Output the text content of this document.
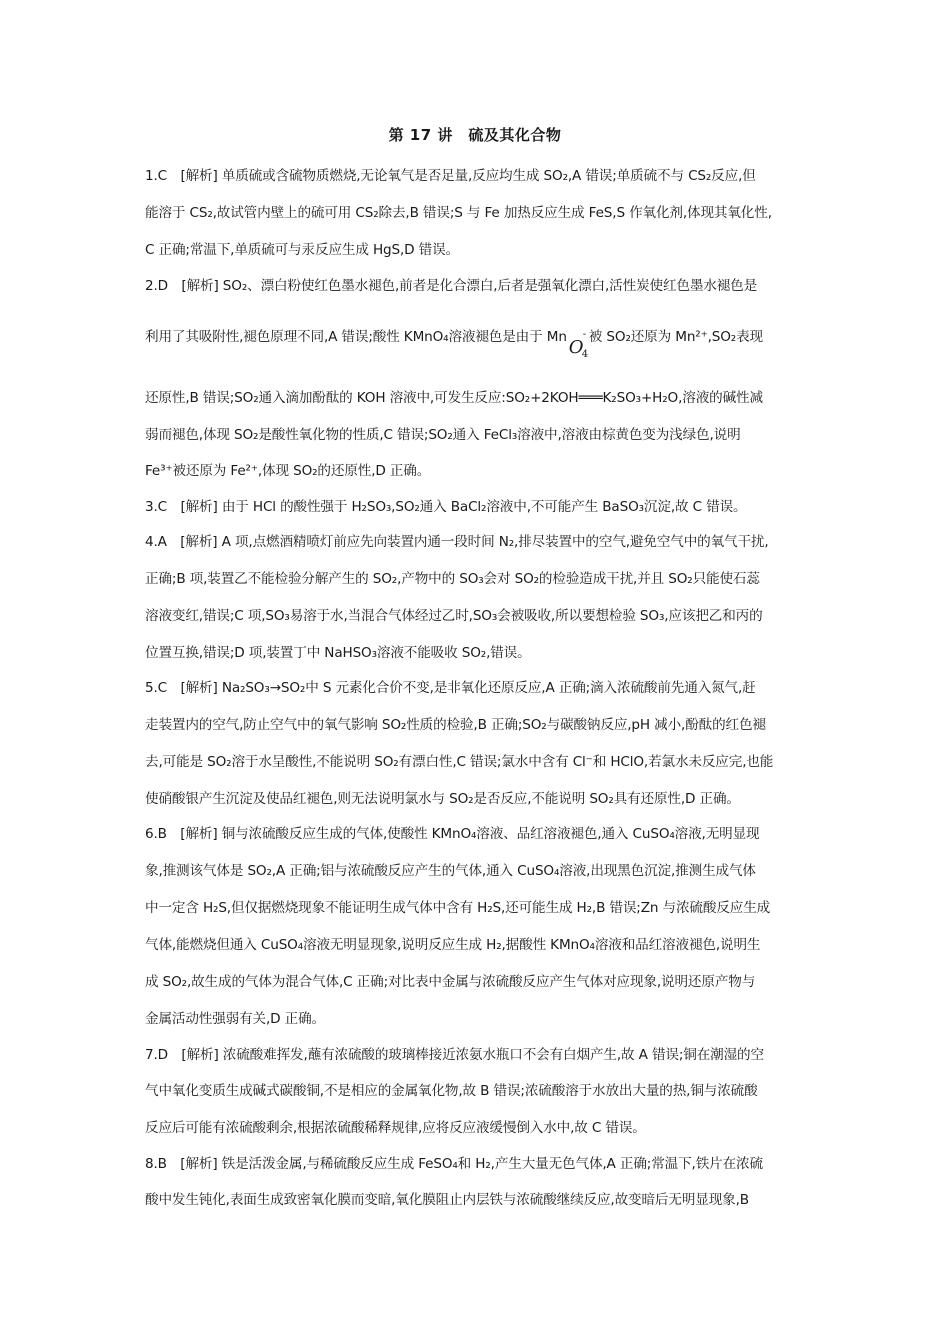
第 17 讲　硫及其化合物
1.C　[解析] 单质硫或含硫物质燃烧,无论氧气是否足量,反应均生成 SO₂,A 错误;单质硫不与 CS₂反应,但
能溶于 CS₂,故试管内壁上的硫可用 CS₂除去,B 错误;S 与 Fe 加热反应生成 FeS,S 作氧化剂,体现其氧化性,
C 正确;常温下,单质硫可与汞反应生成 HgS,D 错误。
2.D　[解析] SO₂、漂白粉使红色墨水褪色,前者是化合漂白,后者是强氧化漂白,活性炭使红色墨水褪色是
利用了其吸附性,褪色原理不同,A 错误;酸性 KMnO₄溶液褪色是由于 Mn O
-
4
被 SO₂还原为 Mn²⁺,SO₂表现
还原性,B 错误;SO₂通入滴加酚酞的 KOH 溶液中,可发生反应:SO₂+2KOH═══K₂SO₃+H₂O,溶液的碱性减
弱而褪色,体现 SO₂是酸性氧化物的性质,C 错误;SO₂通入 FeCl₃溶液中,溶液由棕黄色变为浅绿色,说明
Fe³⁺被还原为 Fe²⁺,体现 SO₂的还原性,D 正确。
3.C　[解析] 由于 HCl 的酸性强于 H₂SO₃,SO₂通入 BaCl₂溶液中,不可能产生 BaSO₃沉淀,故 C 错误。
4.A　[解析] A 项,点燃酒精喷灯前应先向装置内通一段时间 N₂,排尽装置中的空气,避免空气中的氧气干扰,
正确;B 项,装置乙不能检验分解产生的 SO₂,产物中的 SO₃会对 SO₂的检验造成干扰,并且 SO₂只能使石蕊
溶液变红,错误;C 项,SO₃易溶于水,当混合气体经过乙时,SO₃会被吸收,所以要想检验 SO₃,应该把乙和丙的
位置互换,错误;D 项,装置丁中 NaHSO₃溶液不能吸收 SO₂,错误。
5.C　[解析] Na₂SO₃→SO₂中 S 元素化合价不变,是非氧化还原反应,A 正确;滴入浓硫酸前先通入氮气,赶
走装置内的空气,防止空气中的氧气影响 SO₂性质的检验,B 正确;SO₂与碳酸钠反应,pH 减小,酚酞的红色褪
去,可能是 SO₂溶于水呈酸性,不能说明 SO₂有漂白性,C 错误;氯水中含有 Cl⁻和 HClO,若氯水未反应完,也能
使硝酸银产生沉淀及使品红褪色,则无法说明氯水与 SO₂是否反应,不能说明 SO₂具有还原性,D 正确。
6.B　[解析] 铜与浓硫酸反应生成的气体,使酸性 KMnO₄溶液、品红溶液褪色,通入 CuSO₄溶液,无明显现
象,推测该气体是 SO₂,A 正确;铝与浓硫酸反应产生的气体,通入 CuSO₄溶液,出现黑色沉淀,推测生成气体
中一定含 H₂S,但仅据燃烧现象不能证明生成气体中含有 H₂S,还可能生成 H₂,B 错误;Zn 与浓硫酸反应生成
气体,能燃烧但通入 CuSO₄溶液无明显现象,说明反应生成 H₂,据酸性 KMnO₄溶液和品红溶液褪色,说明生
成 SO₂,故生成的气体为混合气体,C 正确;对比表中金属与浓硫酸反应产生气体对应现象,说明还原产物与
金属活动性强弱有关,D 正确。
7.D　[解析] 浓硫酸难挥发,蘸有浓硫酸的玻璃棒接近浓氨水瓶口不会有白烟产生,故 A 错误;铜在潮湿的空
气中氧化变质生成碱式碳酸铜,不是相应的金属氧化物,故 B 错误;浓硫酸溶于水放出大量的热,铜与浓硫酸
反应后可能有浓硫酸剩余,根据浓硫酸稀释规律,应将反应液缓慢倒入水中,故 C 错误。
8.B　[解析] 铁是活泼金属,与稀硫酸反应生成 FeSO₄和 H₂,产生大量无色气体,A 正确;常温下,铁片在浓硫
酸中发生钝化,表面生成致密氧化膜而变暗,氧化膜阻止内层铁与浓硫酸继续反应,故变暗后无明显现象,B
